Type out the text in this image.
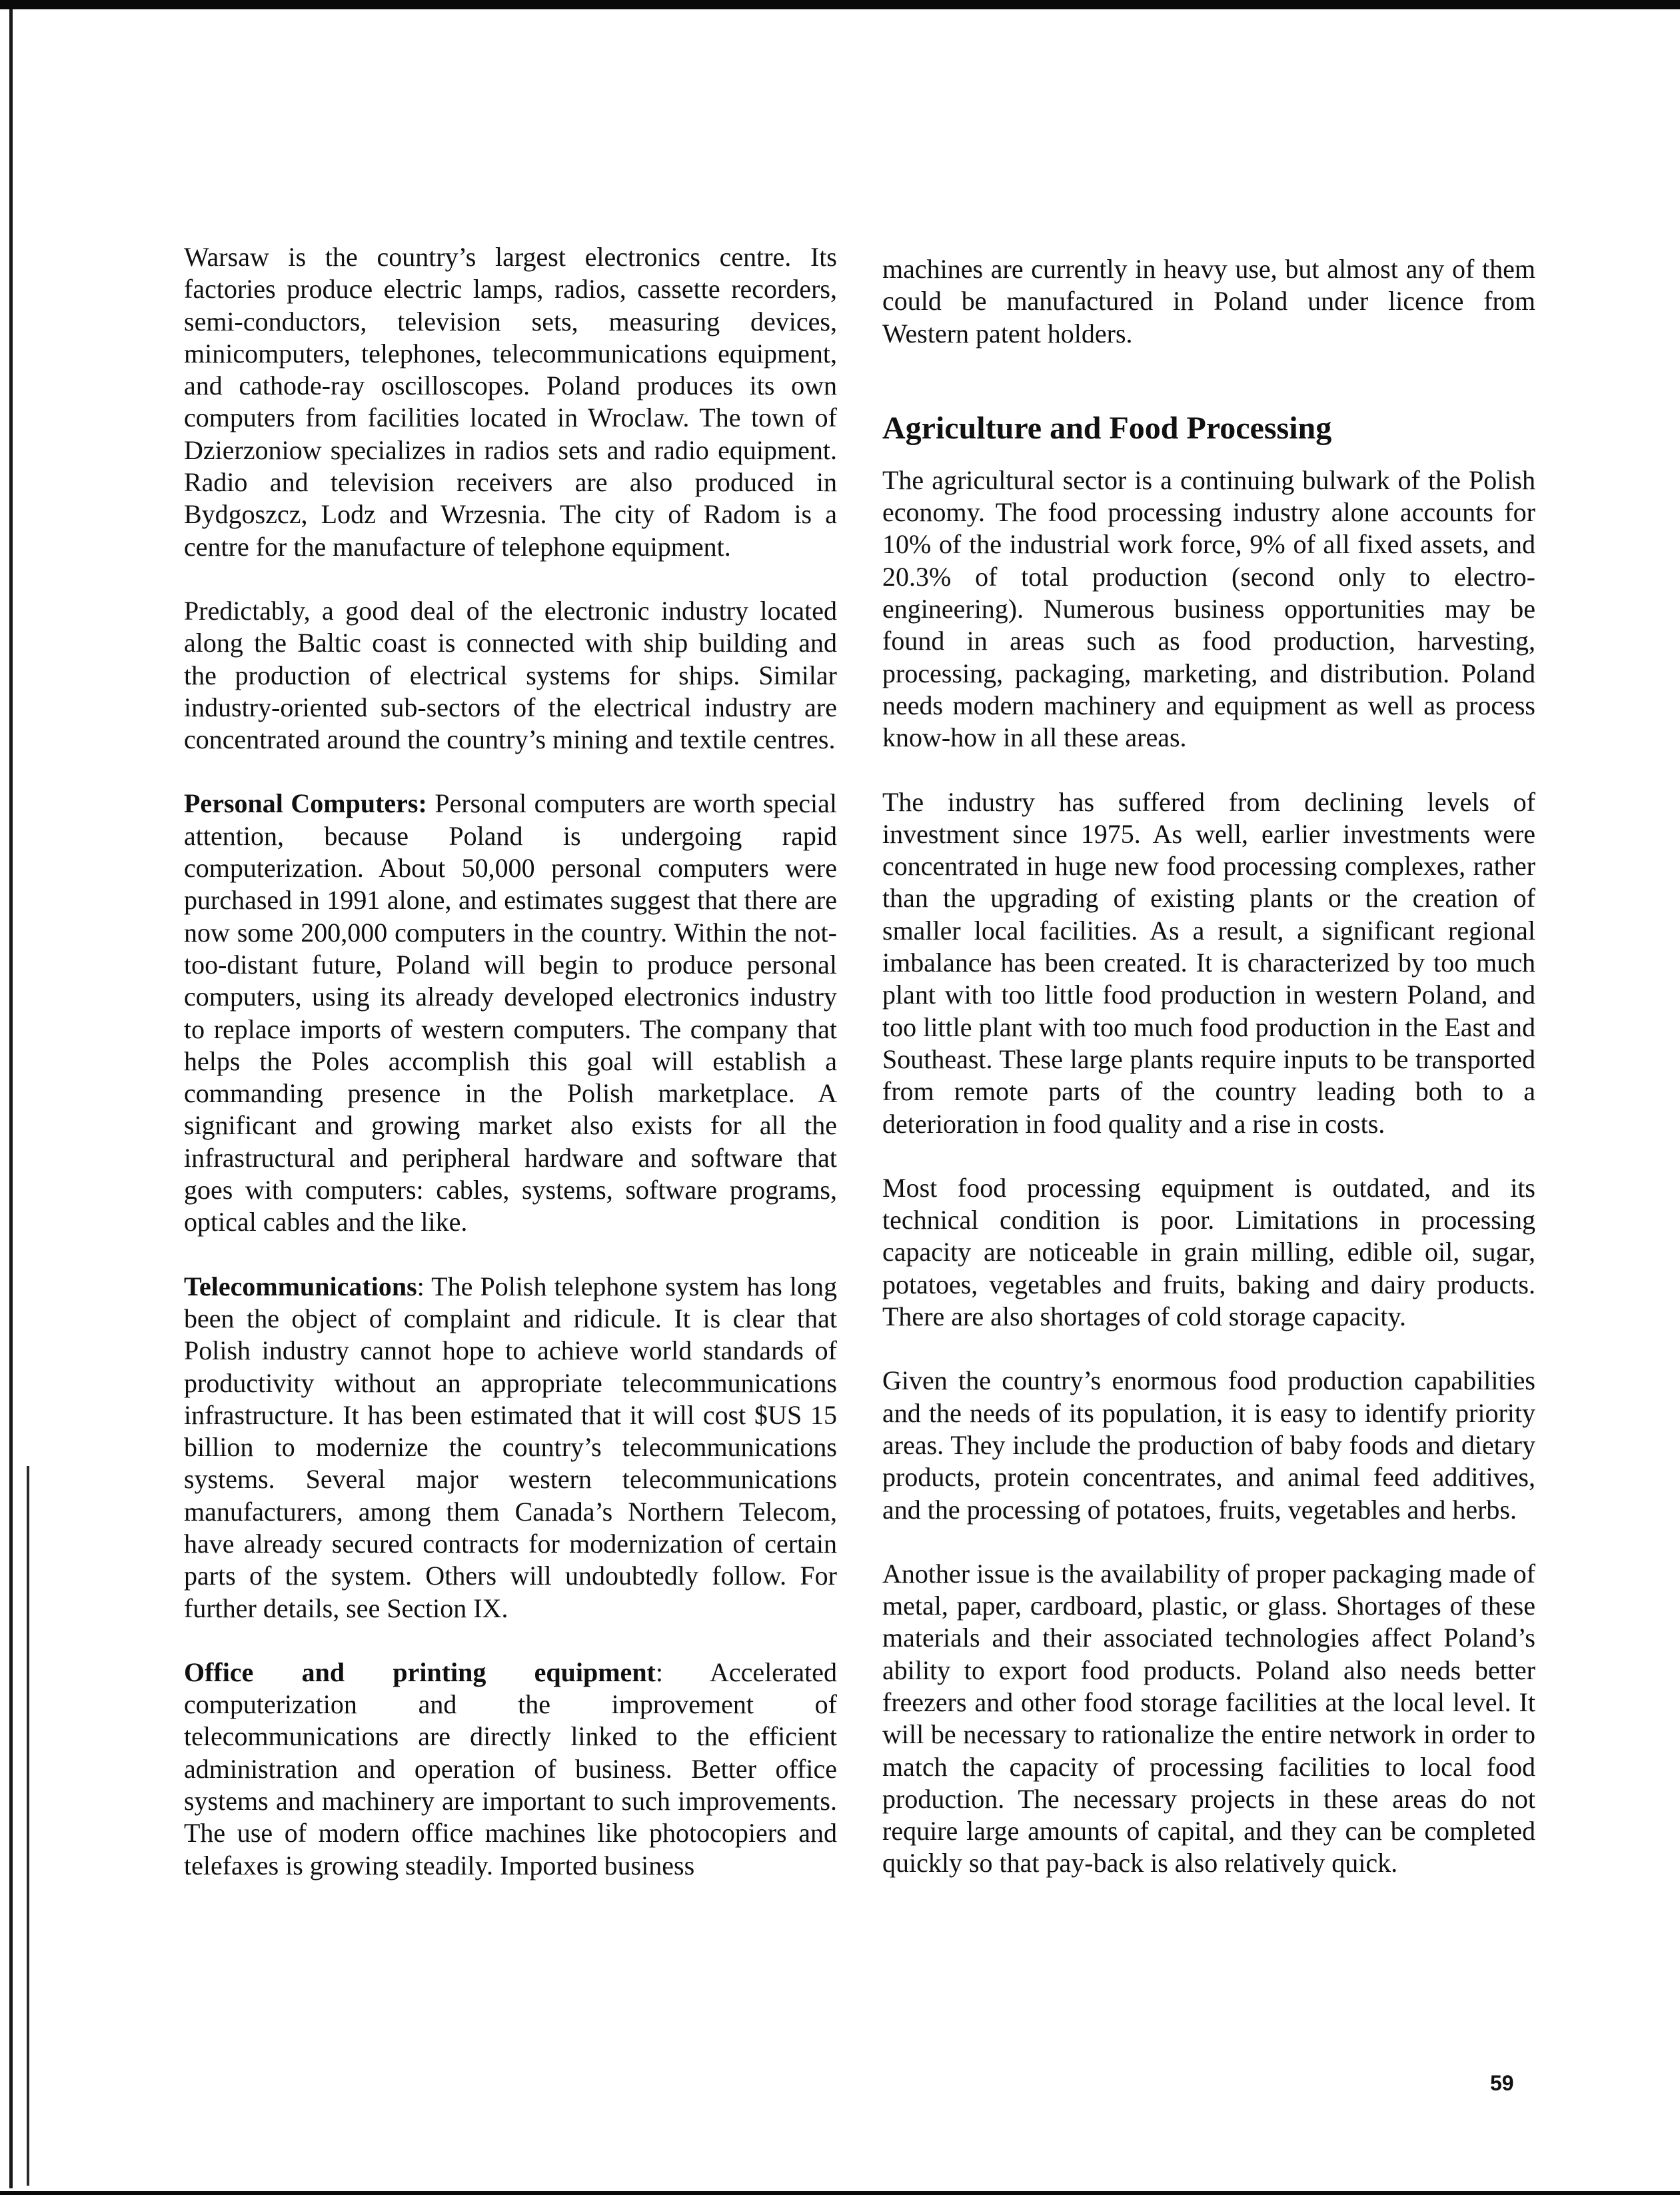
Warsaw is the country’s largest electronics centre. Its factories produce electric lamps, radios, cassette recorders, semi-conductors, television sets, measuring devices, minicomputers, telephones, telecommunications equipment, and cathode-ray oscilloscopes. Poland produces its own computers from facilities located in Wroclaw. The town of Dzierzoniow specializes in radios sets and radio equipment. Radio and television receivers are also produced in Bydgoszcz, Lodz and Wrzesnia. The city of Radom is a centre for the manufacture of telephone equipment.

Predictably, a good deal of the electronic industry located along the Baltic coast is connected with ship building and the production of electrical systems for ships. Similar industry-oriented sub-sectors of the electrical industry are concentrated around the country’s mining and textile centres.

Personal Computers: Personal computers are worth special attention, because Poland is undergoing rapid computerization. About 50,000 personal computers were purchased in 1991 alone, and estimates suggest that there are now some 200,000 computers in the country. Within the not-too-distant future, Poland will begin to produce personal computers, using its already developed electronics industry to replace imports of western computers. The company that helps the Poles accomplish this goal will establish a commanding presence in the Polish marketplace. A significant and growing market also exists for all the infrastructural and peripheral hardware and software that goes with computers: cables, systems, software programs, optical cables and the like.

Telecommunications: The Polish telephone system has long been the object of complaint and ridicule. It is clear that Polish industry cannot hope to achieve world standards of productivity without an appropriate telecommunications infrastructure. It has been estimated that it will cost $US 15 billion to modernize the country’s telecommunications systems. Several major western telecommunications manufacturers, among them Canada’s Northern Telecom, have already secured contracts for modernization of certain parts of the system. Others will undoubtedly follow. For further details, see Section IX.

Office and printing equipment: Accelerated computerization and the improvement of telecommunications are directly linked to the efficient administration and operation of business. Better office systems and machinery are important to such improvements. The use of modern office machines like photocopiers and telefaxes is growing steadily. Imported business

machines are currently in heavy use, but almost any of them could be manufactured in Poland under licence from Western patent holders.

Agriculture and Food Processing

The agricultural sector is a continuing bulwark of the Polish economy. The food processing industry alone accounts for 10% of the industrial work force, 9% of all fixed assets, and 20.3% of total production (second only to electro-engineering). Numerous business opportunities may be found in areas such as food production, harvesting, processing, packaging, marketing, and distribution. Poland needs modern machinery and equipment as well as process know-how in all these areas.

The industry has suffered from declining levels of investment since 1975. As well, earlier investments were concentrated in huge new food processing complexes, rather than the upgrading of existing plants or the creation of smaller local facilities. As a result, a significant regional imbalance has been created. It is characterized by too much plant with too little food production in western Poland, and too little plant with too much food production in the East and Southeast. These large plants require inputs to be transported from remote parts of the country leading both to a deterioration in food quality and a rise in costs.

Most food processing equipment is outdated, and its technical condition is poor. Limitations in processing capacity are noticeable in grain milling, edible oil, sugar, potatoes, vegetables and fruits, baking and dairy products. There are also shortages of cold storage capacity.

Given the country’s enormous food production capabilities and the needs of its population, it is easy to identify priority areas. They include the production of baby foods and dietary products, protein concentrates, and animal feed additives, and the processing of potatoes, fruits, vegetables and herbs.

Another issue is the availability of proper packaging made of metal, paper, cardboard, plastic, or glass. Shortages of these materials and their associated technologies affect Poland’s ability to export food products. Poland also needs better freezers and other food storage facilities at the local level. It will be necessary to rationalize the entire network in order to match the capacity of processing facilities to local food production. The necessary projects in these areas do not require large amounts of capital, and they can be completed quickly so that pay-back is also relatively quick.

59
